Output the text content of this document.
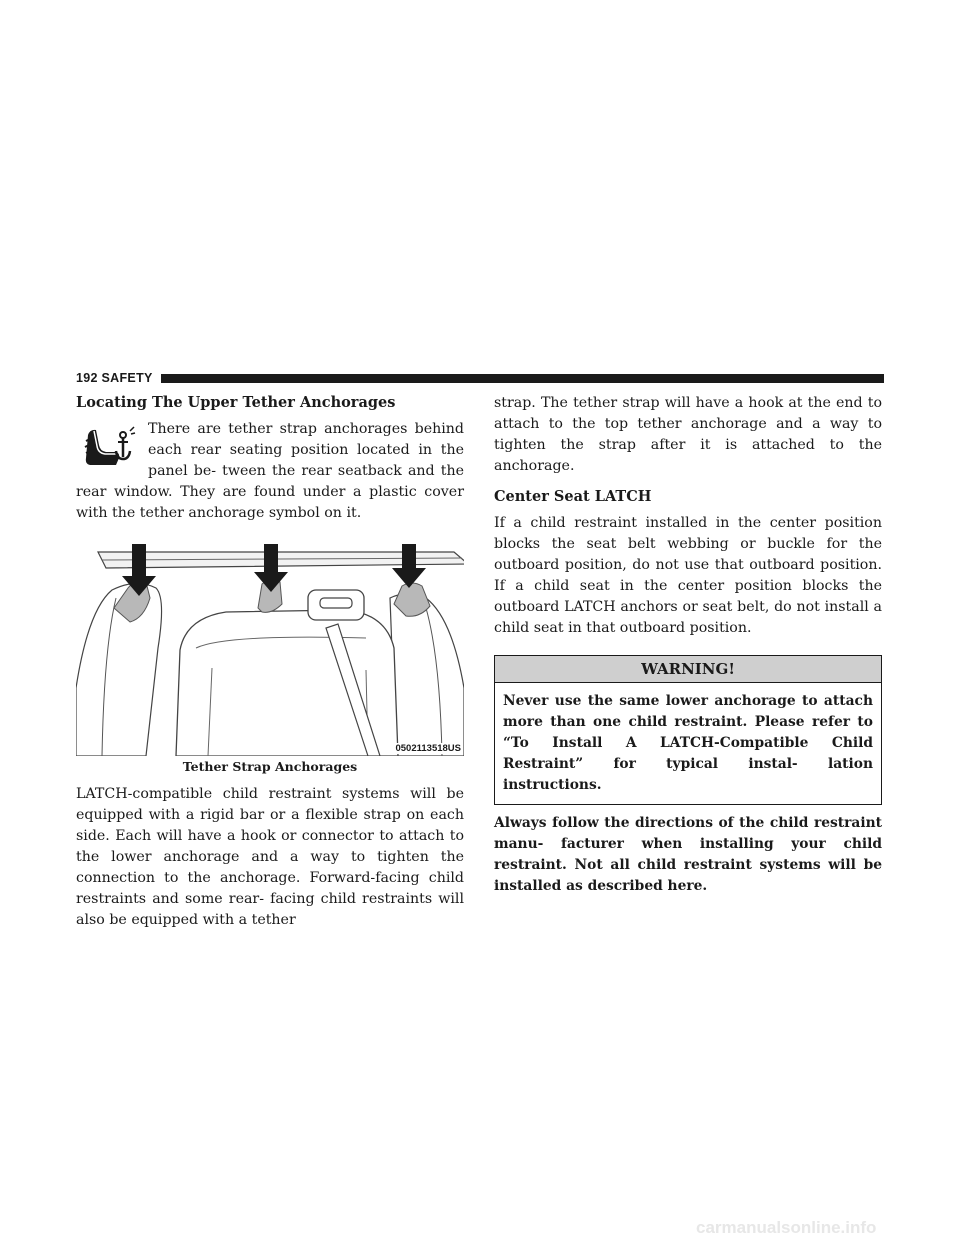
192 SAFETY
Locating The Upper Tether Anchorages

There are tether strap anchorages behind each rear seating position located in the panel be- tween the rear seatback and the rear window. They are found under a plastic cover with the tether anchorage symbol on it.

0502113518US
Tether Strap Anchorages

LATCH-compatible child restraint systems will be equipped with a rigid bar or a flexible strap on each side. Each will have a hook or connector to attach to the lower anchorage and a way to tighten the connection to the anchorage. Forward-facing child restraints and some rear- facing child restraints will also be equipped with a tether

strap. The tether strap will have a hook at the end to attach to the top tether anchorage and a way to tighten the strap after it is attached to the anchorage.

Center Seat LATCH

If a child restraint installed in the center position blocks the seat belt webbing or buckle for the outboard position, do not use that outboard position. If a child seat in the center position blocks the outboard LATCH anchors or seat belt, do not install a child seat in that outboard position.

WARNING!
Never use the same lower anchorage to attach more than one child restraint. Please refer to “To Install A LATCH-Compatible Child Restraint” for typical instal- lation instructions.

Always follow the directions of the child restraint manu- facturer when installing your child restraint. Not all child restraint systems will be installed as described here.

carmanualsonline.info
